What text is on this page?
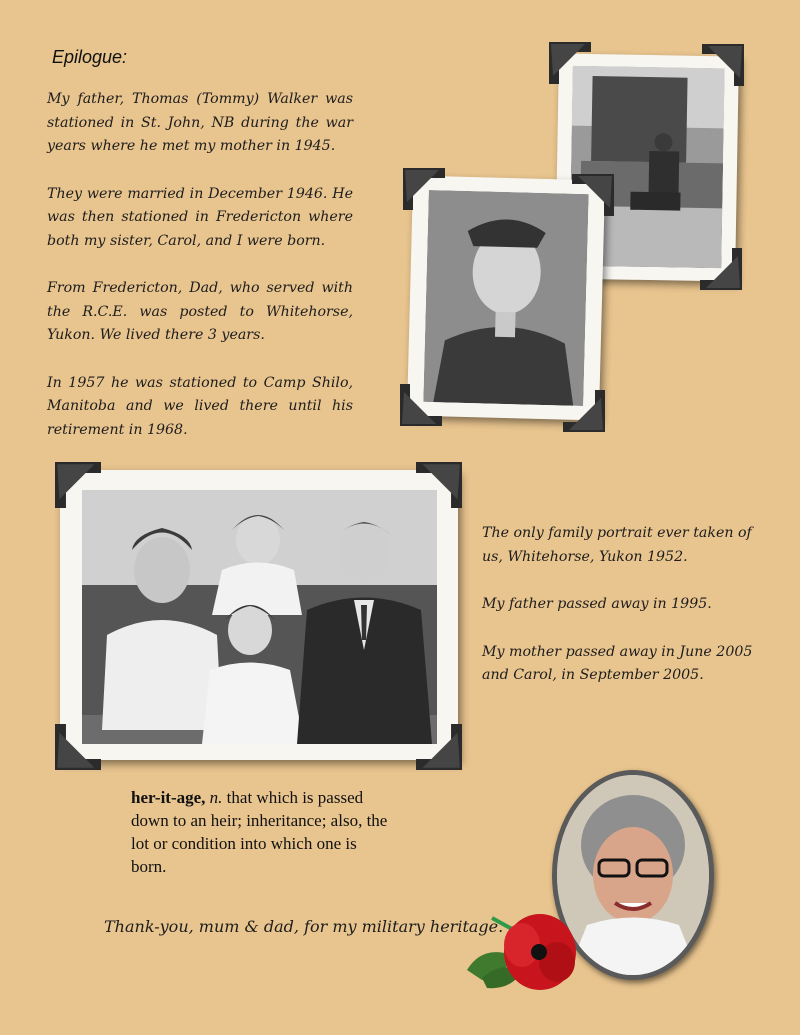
Epilogue:

My father, Thomas (Tommy) Walker was stationed in St. John, NB during the war years where he met my mother in 1945.

They were married in December 1946. He was then stationed in Fredericton where both my sister, Carol, and I were born.

From Fredericton, Dad, who served with the R.C.E. was posted to Whitehorse, Yukon. We lived there 3 years.

In 1957 he was stationed to Camp Shilo, Manitoba and we lived there until his retirement in 1968.

The only family portrait ever taken of us, Whitehorse, Yukon 1952.

My father passed away in 1995.

My mother passed away in June 2005 and Carol, in September 2005.

her-it-age, n. that which is passed down to an heir; inheritance; also, the lot or condition into which one is born.
Thank-you, mum & dad, for my military heritage.
